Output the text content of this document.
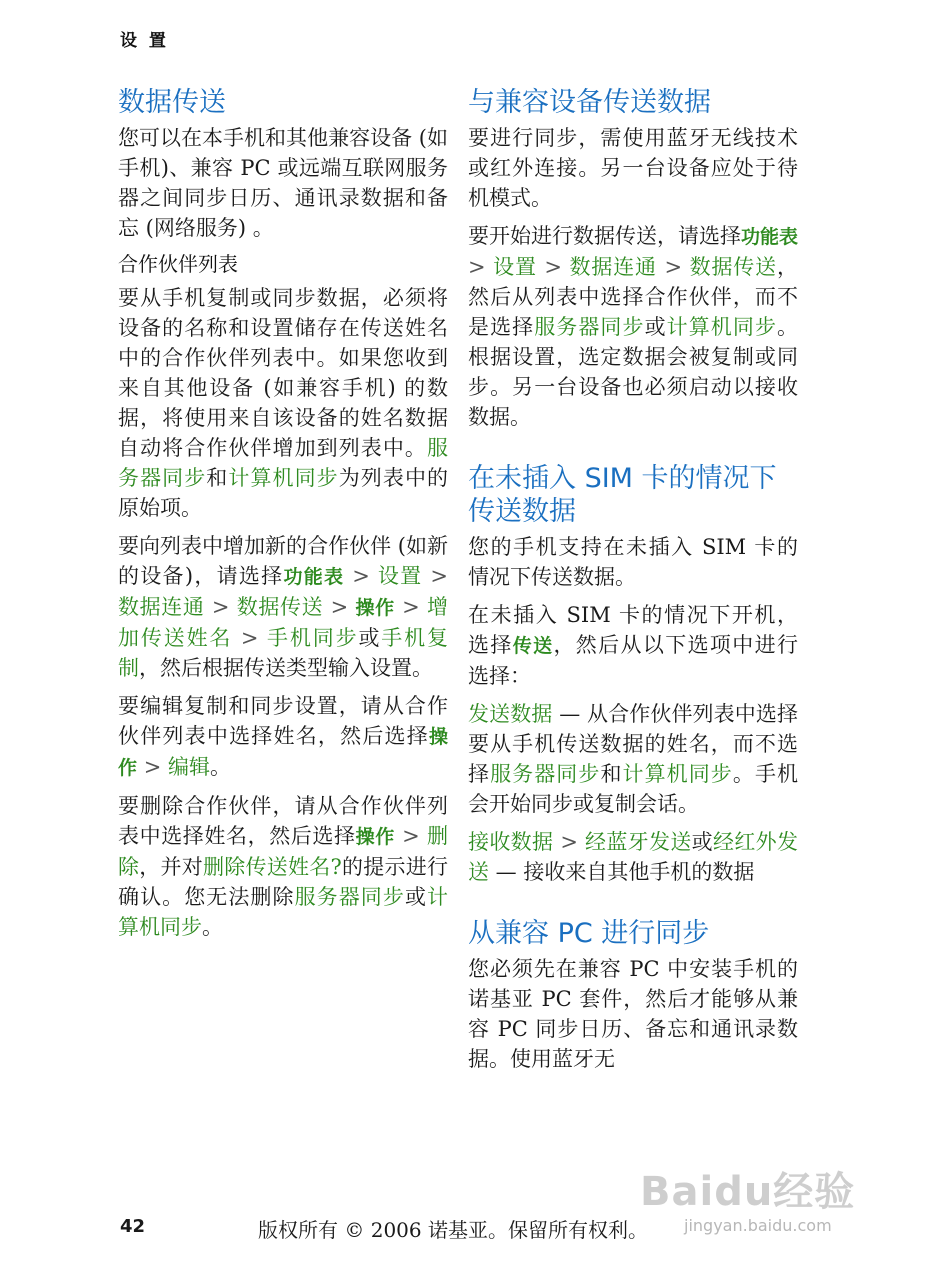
设 置
数据传送

您可以在本手机和其他兼容设备 (如手机)、兼容 PC 或远端互联网服务器之间同步日历、通讯录数据和备忘 (网络服务) 。

合作伙伴列表

要从手机复制或同步数据，必须将设备的名称和设置储存在传送姓名中的合作伙伴列表中。如果您收到来自其他设备 (如兼容手机) 的数据，将使用来自该设备的姓名数据自动将合作伙伴增加到列表中。服务器同步和计算机同步为列表中的原始项。

要向列表中增加新的合作伙伴 (如新的设备)，请选择功能表 > 设置 > 数据连通 > 数据传送 > 操作 > 增加传送姓名 > 手机同步或手机复制，然后根据传送类型输入设置。

要编辑复制和同步设置，请从合作伙伴列表中选择姓名，然后选择操作 > 编辑。

要删除合作伙伴，请从合作伙伴列表中选择姓名，然后选择操作 > 删除，并对删除传送姓名?的提示进行确认。您无法删除服务器同步或计算机同步。

与兼容设备传送数据

要进行同步，需使用蓝牙无线技术或红外连接。另一台设备应处于待机模式。

要开始进行数据传送，请选择功能表 > 设置 > 数据连通 > 数据传送，然后从列表中选择合作伙伴，而不是选择服务器同步或计算机同步。根据设置，选定数据会被复制或同步。另一台设备也必须启动以接收数据。

在未插入 SIM 卡的情况下传送数据

您的手机支持在未插入 SIM 卡的情况下传送数据。

在未插入 SIM 卡的情况下开机，选择传送，然后从以下选项中进行选择：

发送数据 — 从合作伙伴列表中选择要从手机传送数据的姓名，而不选择服务器同步和计算机同步。手机会开始同步或复制会话。

接收数据 > 经蓝牙发送或经红外发送 — 接收来自其他手机的数据

从兼容 PC 进行同步

您必须先在兼容 PC 中安装手机的诺基亚 PC 套件，然后才能够从兼容 PC 同步日历、备忘和通讯录数据。使用蓝牙无

42	版权所有 © 2006 诺基亚。保留所有权利。
Baidu经验
jingyan.baidu.com
